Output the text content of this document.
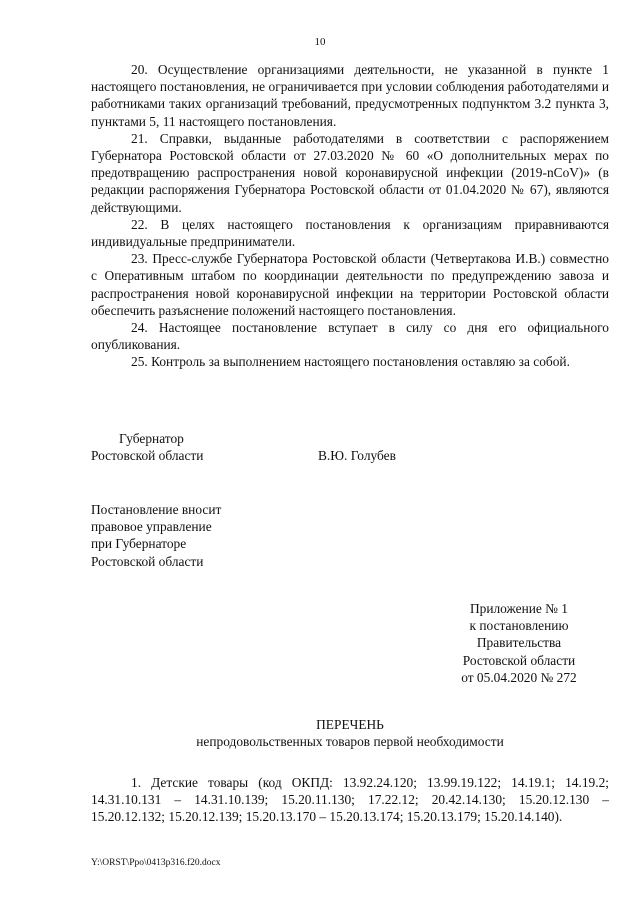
10

20. Осуществление организациями деятельности, не указанной в пункте 1 настоящего постановления, не ограничивается при условии соблюдения работодателями и работниками таких организаций требований, предусмотренных подпунктом 3.2 пункта 3, пунктами 5, 11 настоящего постановления.

21. Справки, выданные работодателями в соответствии с распоряжением Губернатора Ростовской области от 27.03.2020 № 60 «О дополнительных мерах по предотвращению распространения новой коронавирусной инфекции (2019-nCoV)» (в редакции распоряжения Губернатора Ростовской области от 01.04.2020 № 67), являются действующими.

22. В целях настоящего постановления к организациям приравниваются индивидуальные предприниматели.

23. Пресс-службе Губернатора Ростовской области (Четвертакова И.В.) совместно с Оперативным штабом по координации деятельности по предупреждению завоза и распространения новой коронавирусной инфекции на территории Ростовской области обеспечить разъяснение положений настоящего постановления.

24. Настоящее постановление вступает в силу со дня его официального опубликования.

25. Контроль за выполнением настоящего постановления оставляю за собой.

Губернатор
Ростовской области	В.Ю. Голубев
Постановление вносит
правовое управление
при Губернаторе
Ростовской области
Приложение № 1
к постановлению
Правительства
Ростовской области
от 05.04.2020 № 272
ПЕРЕЧЕНЬ
непродовольственных товаров первой необходимости

1. Детские товары (код ОКПД: 13.92.24.120; 13.99.19.122; 14.19.1; 14.19.2; 14.31.10.131 – 14.31.10.139; 15.20.11.130; 17.22.12; 20.42.14.130; 15.20.12.130 – 15.20.12.132; 15.20.12.139; 15.20.13.170 – 15.20.13.174; 15.20.13.179; 15.20.14.140).

Y:\ORST\Ppo\0413p316.f20.docx
